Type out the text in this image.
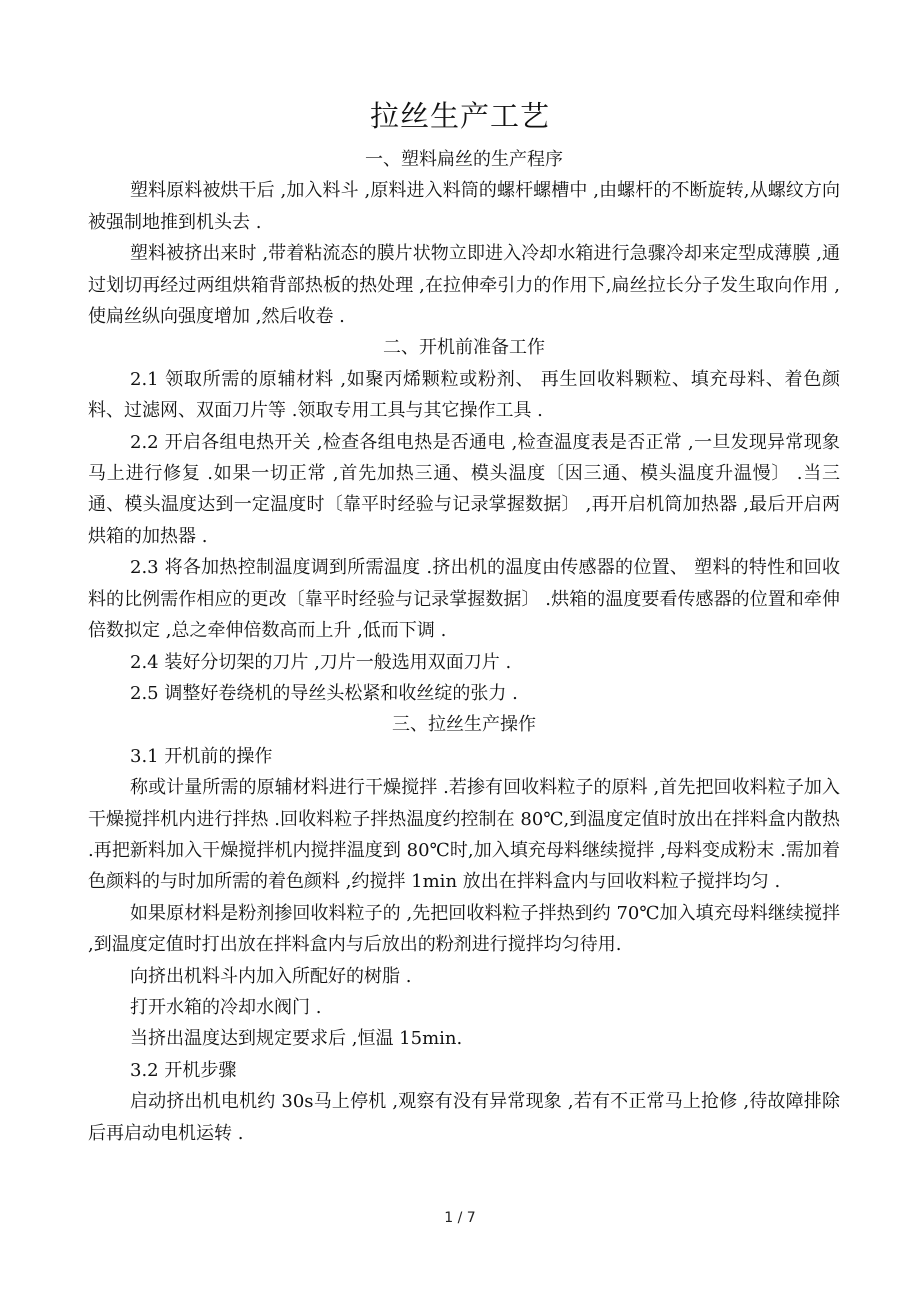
拉丝生产工艺

一、塑料扁丝的生产程序

塑料原料被烘干后 ,加入料斗 ,原料进入料筒的螺杆螺槽中 ,由螺杆的不断旋转,从螺纹方向被强制地推到机头去 .

塑料被挤出来时 ,带着粘流态的膜片状物立即进入冷却水箱进行急骤冷却来定型成薄膜 ,通过划切再经过两组烘箱背部热板的热处理 ,在拉伸牵引力的作用下,扁丝拉长分子发生取向作用 ,使扁丝纵向强度增加 ,然后收卷 .

二、开机前准备工作

2.1 领取所需的原辅材料 ,如聚丙烯颗粒或粉剂、 再生回收料颗粒、填充母料、着色颜料、过滤网、双面刀片等 .领取专用工具与其它操作工具 .

2.2 开启各组电热开关 ,检查各组电热是否通电 ,检查温度表是否正常 ,一旦发现异常现象马上进行修复 .如果一切正常 ,首先加热三通、模头温度〔因三通、模头温度升温慢〕 .当三通、模头温度达到一定温度时〔靠平时经验与记录掌握数据〕 ,再开启机筒加热器 ,最后开启两烘箱的加热器 .

2.3 将各加热控制温度调到所需温度 .挤出机的温度由传感器的位置、 塑料的特性和回收料的比例需作相应的更改〔靠平时经验与记录掌握数据〕 .烘箱的温度要看传感器的位置和牵伸倍数拟定 ,总之牵伸倍数高而上升 ,低而下调 .

2.4 装好分切架的刀片 ,刀片一般选用双面刀片 .

2.5 调整好卷绕机的导丝头松紧和收丝绽的张力 .

三、拉丝生产操作

3.1 开机前的操作

称或计量所需的原辅材料进行干燥搅拌 .若掺有回收料粒子的原料 ,首先把回收料粒子加入干燥搅拌机内进行拌热 .回收料粒子拌热温度约控制在 80℃,到温度定值时放出在拌料盒内散热 .再把新料加入干燥搅拌机内搅拌温度到 80℃时,加入填充母料继续搅拌 ,母料变成粉末 .需加着色颜料的与时加所需的着色颜料 ,约搅拌 1min 放出在拌料盒内与回收料粒子搅拌均匀 .

如果原材料是粉剂掺回收料粒子的 ,先把回收料粒子拌热到约 70℃加入填充母料继续搅拌 ,到温度定值时打出放在拌料盒内与后放出的粉剂进行搅拌均匀待用.

向挤出机料斗内加入所配好的树脂 .

打开水箱的冷却水阀门 .

当挤出温度达到规定要求后 ,恒温 15min.

3.2 开机步骤

启动挤出机电机约 30s马上停机 ,观察有没有异常现象 ,若有不正常马上抢修 ,待故障排除后再启动电机运转 .

1 / 7
